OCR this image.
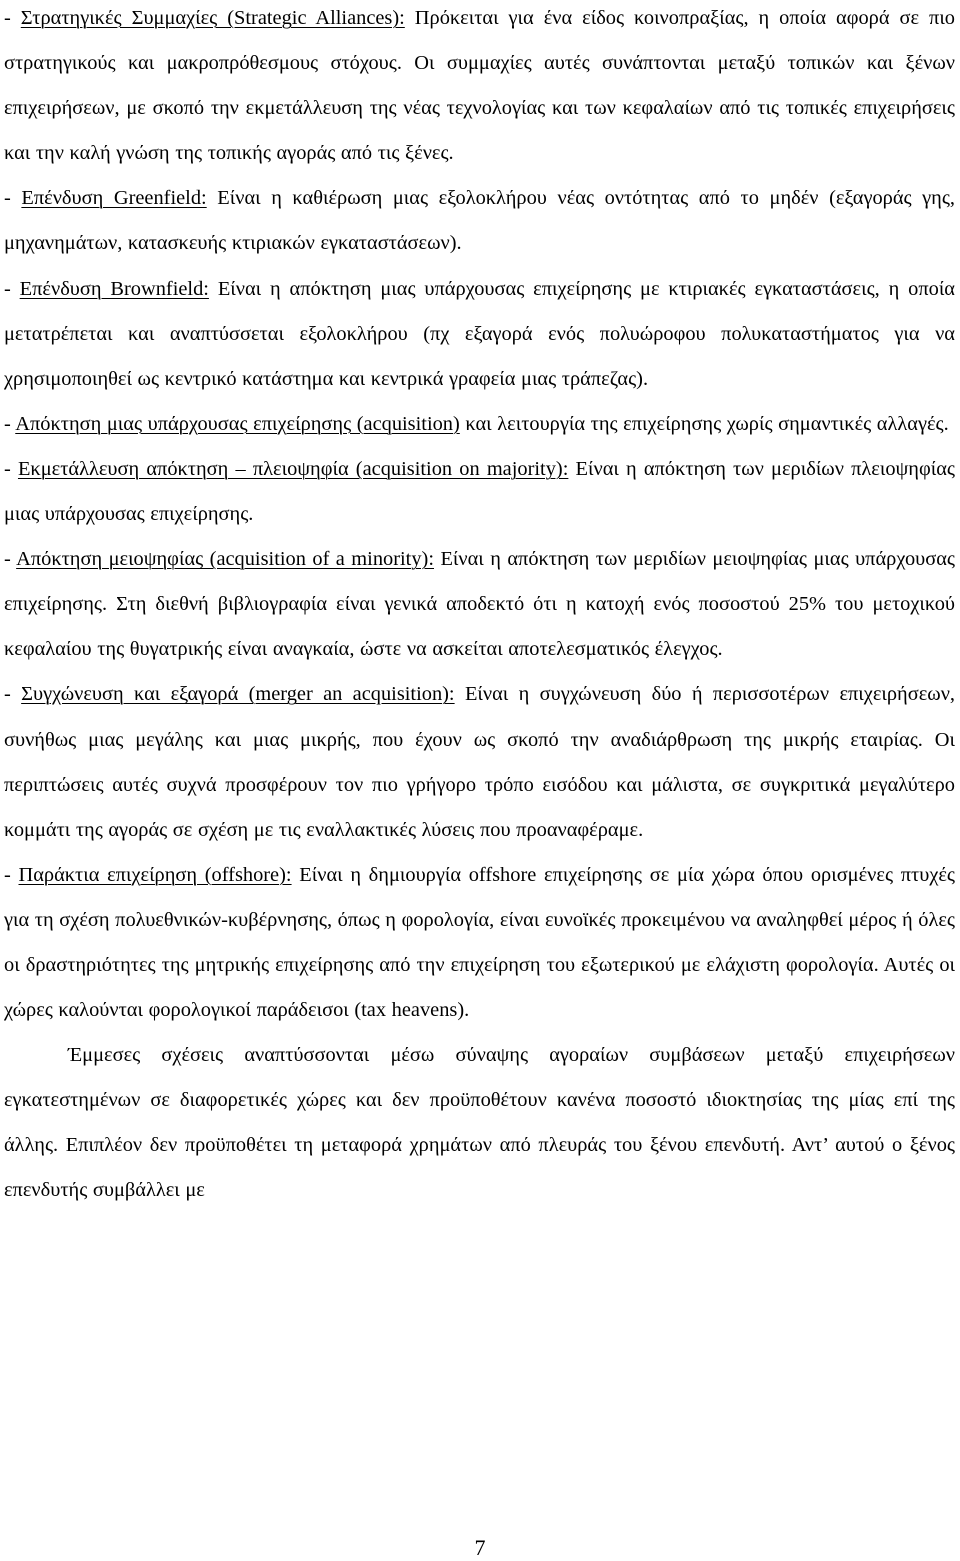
- Στρατηγικές Συμμαχίες (Strategic Alliances): Πρόκειται για ένα είδος κοινοπραξίας, η οποία αφορά σε πιο στρατηγικούς και μακροπρόθεσμους στόχους. Οι συμμαχίες αυτές συνάπτονται μεταξύ τοπικών και ξένων επιχειρήσεων, με σκοπό την εκμετάλλευση της νέας τεχνολογίας και των κεφαλαίων από τις τοπικές επιχειρήσεις και την καλή γνώση της τοπικής αγοράς από τις ξένες.

- Επένδυση Greenfield: Είναι η καθιέρωση μιας εξολοκλήρου νέας οντότητας από το μηδέν (εξαγοράς γης, μηχανημάτων, κατασκευής κτιριακών εγκαταστάσεων).

- Επένδυση Brownfield: Είναι η απόκτηση μιας υπάρχουσας επιχείρησης με κτιριακές εγκαταστάσεις, η οποία μετατρέπεται και αναπτύσσεται εξολοκλήρου (πχ εξαγορά ενός πολυώροφου πολυκαταστήματος για να χρησιμοποιηθεί ως κεντρικό κατάστημα και κεντρικά γραφεία μιας τράπεζας).

- Απόκτηση μιας υπάρχουσας επιχείρησης (acquisition) και λειτουργία της επιχείρησης χωρίς σημαντικές αλλαγές.

- Εκμετάλλευση απόκτηση – πλειοψηφία (acquisition on majority): Είναι η απόκτηση των μεριδίων πλειοψηφίας μιας υπάρχουσας επιχείρησης.

- Απόκτηση μειοψηφίας (acquisition of a minority): Είναι η απόκτηση των μεριδίων μειοψηφίας μιας υπάρχουσας επιχείρησης. Στη διεθνή βιβλιογραφία είναι γενικά αποδεκτό ότι η κατοχή ενός ποσοστού 25% του μετοχικού κεφαλαίου της θυγατρικής είναι αναγκαία, ώστε να ασκείται αποτελεσματικός έλεγχος.

- Συγχώνευση και εξαγορά (merger an acquisition): Είναι η συγχώνευση δύο ή περισσοτέρων επιχειρήσεων, συνήθως μιας μεγάλης και μιας μικρής, που έχουν ως σκοπό την αναδιάρθρωση της μικρής εταιρίας. Οι περιπτώσεις αυτές συχνά προσφέρουν τον πιο γρήγορο τρόπο εισόδου και μάλιστα, σε συγκριτικά μεγαλύτερο κομμάτι της αγοράς σε σχέση με τις εναλλακτικές λύσεις που προαναφέραμε.

- Παράκτια επιχείρηση (offshore): Είναι η δημιουργία offshore επιχείρησης σε μία χώρα όπου ορισμένες πτυχές για τη σχέση πολυεθνικών-κυβέρνησης, όπως η φορολογία, είναι ευνοϊκές προκειμένου να αναληφθεί μέρος ή όλες οι δραστηριότητες της μητρικής επιχείρησης από την επιχείρηση του εξωτερικού με ελάχιστη φορολογία. Αυτές οι χώρες καλούνται φορολογικοί παράδεισοι (tax heavens).

Έμμεσες σχέσεις αναπτύσσονται μέσω σύναψης αγοραίων συμβάσεων μεταξύ επιχειρήσεων εγκατεστημένων σε διαφορετικές χώρες και δεν προϋποθέτουν κανένα ποσοστό ιδιοκτησίας της μίας επί της άλλης. Επιπλέον δεν προϋποθέτει τη μεταφορά χρημάτων από πλευράς του ξένου επενδυτή. Αντ’ αυτού ο ξένος επενδυτής συμβάλλει με

7
